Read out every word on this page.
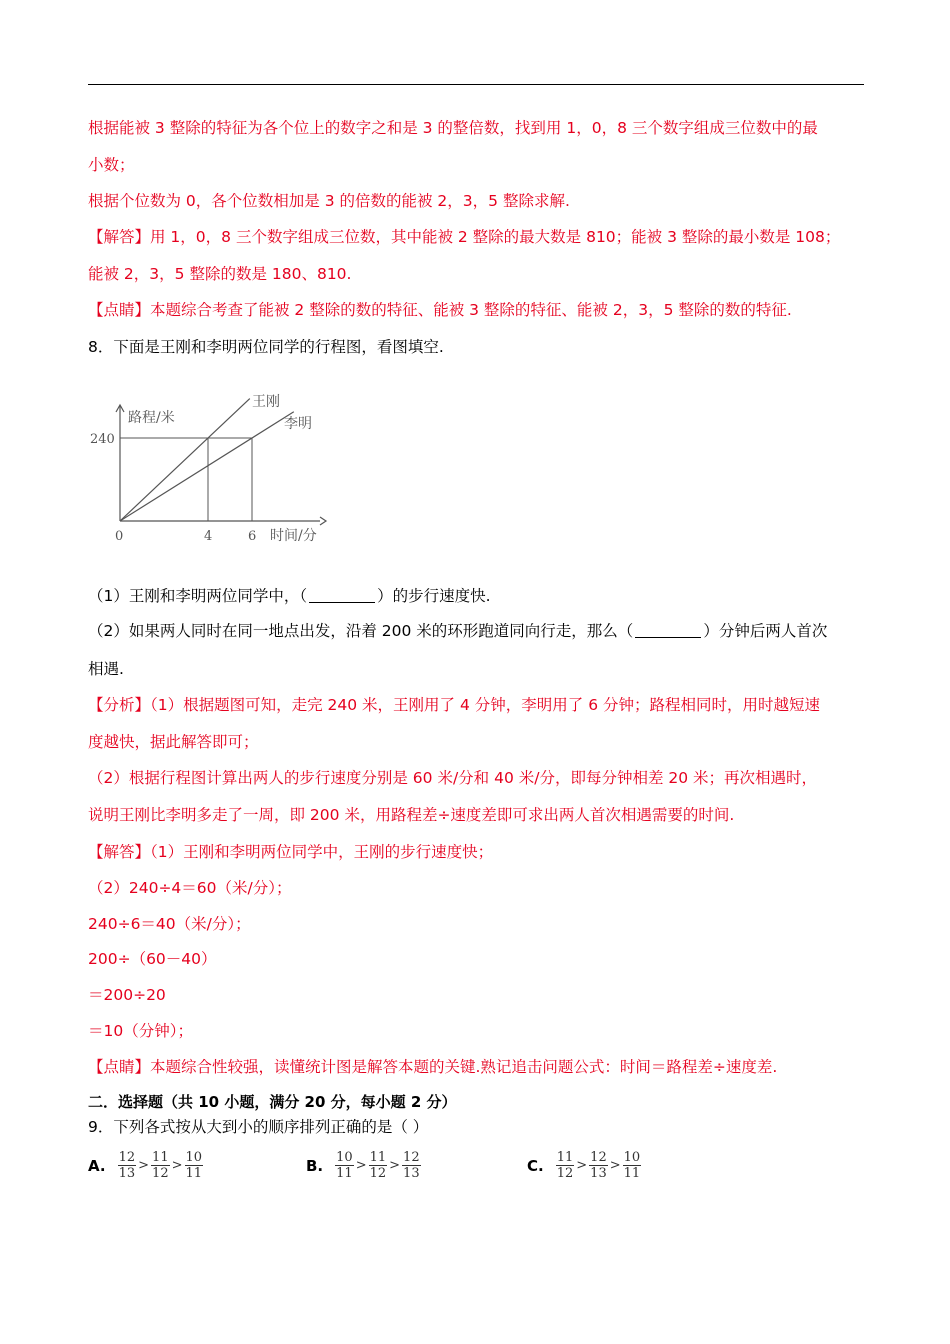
根据能被 3 整除的特征为各个位上的数字之和是 3 的整倍数，找到用 1，0，8 三个数字组成三位数中的最
小数；
根据个位数为 0，各个位数相加是 3 的倍数的能被 2，3，5 整除求解.
【解答】用 1，0，8 三个数字组成三位数，其中能被 2 整除的最大数是 810；能被 3 整除的最小数是 108；
能被 2，3，5 整除的数是 180、810.
【点睛】本题综合考查了能被 2 整除的数的特征、能被 3 整除的特征、能被 2，3，5 整除的数的特征.
8．下面是王刚和李明两位同学的行程图，看图填空.
0	4	6
240
路程/米
时间/分
王刚
李明
（1）王刚和李明两位同学中，（	）的步行速度快.
（2）如果两人同时在同一地点出发，沿着 200 米的环形跑道同向行走，那么（	）分钟后两人首次
相遇.
【分析】（1）根据题图可知，走完 240 米，王刚用了 4 分钟，李明用了 6 分钟；路程相同时，用时越短速
度越快，据此解答即可；
（2）根据行程图计算出两人的步行速度分别是 60 米/分和 40 米/分，即每分钟相差 20 米；再次相遇时，
说明王刚比李明多走了一周，即 200 米，用路程差÷速度差即可求出两人首次相遇需要的时间.
【解答】（1）王刚和李明两位同学中，王刚的步行速度快；
（2）240÷4＝60（米/分）；
240÷6＝40（米/分）；
200÷（60－40）
＝200÷20
＝10（分钟）；
【点睛】本题综合性较强，读懂统计图是解答本题的关键.熟记追击问题公式：时间＝路程差÷速度差.
二．选择题（共 10 小题，满分 20 分，每小题 2 分）
9．下列各式按从大到小的顺序排列正确的是（ ）
A. $\frac{12}{13} > \frac{11}{12} > \frac{10}{11}$	B. $\frac{10}{11} > \frac{11}{12} > \frac{12}{13}$	C. $\frac{11}{12} > \frac{12}{13} > \frac{10}{11}$
